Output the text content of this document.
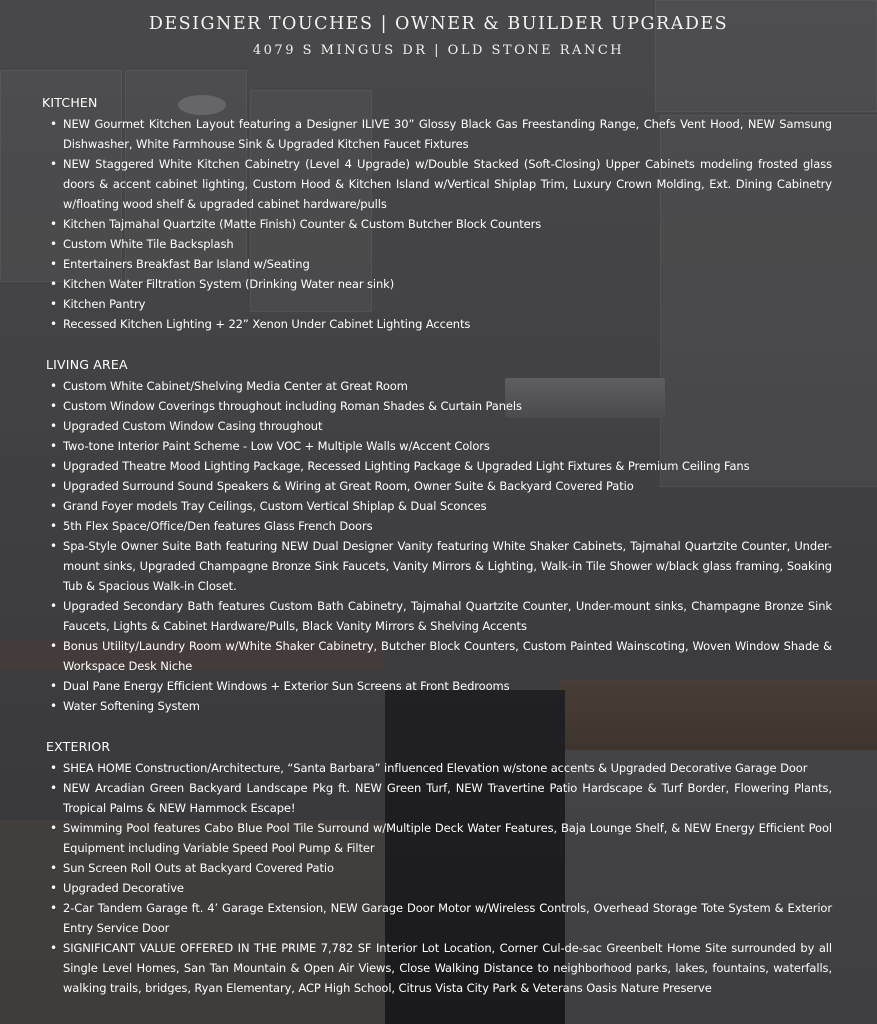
DESIGNER TOUCHES | OWNER & BUILDER UPGRADES
4079 S MINGUS DR | OLD STONE RANCH
KITCHEN
• NEW Gourmet Kitchen Layout featuring a Designer ILIVE 30” Glossy Black Gas Freestanding Range, Chefs Vent Hood, NEW Samsung Dishwasher, White Farmhouse Sink & Upgraded Kitchen Faucet Fixtures
• NEW Staggered White Kitchen Cabinetry (Level 4 Upgrade) w/Double Stacked (Soft-Closing) Upper Cabinets modeling frosted glass doors & accent cabinet lighting, Custom Hood & Kitchen Island w/Vertical Shiplap Trim, Luxury Crown Molding, Ext. Dining Cabinetry w/floating wood shelf & upgraded cabinet hardware/pulls
• Kitchen Tajmahal Quartzite (Matte Finish) Counter & Custom Butcher Block Counters
• Custom White Tile Backsplash
• Entertainers Breakfast Bar Island w/Seating
• Kitchen Water Filtration System (Drinking Water near sink)
• Kitchen Pantry
• Recessed Kitchen Lighting + 22” Xenon Under Cabinet Lighting Accents
LIVING AREA
• Custom White Cabinet/Shelving Media Center at Great Room
• Custom Window Coverings throughout including Roman Shades & Curtain Panels
• Upgraded Custom Window Casing throughout
• Two-tone Interior Paint Scheme - Low VOC + Multiple Walls w/Accent Colors
• Upgraded Theatre Mood Lighting Package, Recessed Lighting Package & Upgraded Light Fixtures & Premium Ceiling Fans
• Upgraded Surround Sound Speakers & Wiring at Great Room, Owner Suite & Backyard Covered Patio
• Grand Foyer models Tray Ceilings, Custom Vertical Shiplap & Dual Sconces
• 5th Flex Space/Office/Den features Glass French Doors
• Spa-Style Owner Suite Bath featuring NEW Dual Designer Vanity featuring White Shaker Cabinets, Tajmahal Quartzite Counter, Under-mount sinks, Upgraded Champagne Bronze Sink Faucets, Vanity Mirrors & Lighting, Walk-in Tile Shower w/black glass framing, Soaking Tub & Spacious Walk-in Closet.
• Upgraded Secondary Bath features Custom Bath Cabinetry, Tajmahal Quartzite Counter, Under-mount sinks, Champagne Bronze Sink Faucets, Lights & Cabinet Hardware/Pulls, Black Vanity Mirrors & Shelving Accents
• Bonus Utility/Laundry Room w/White Shaker Cabinetry, Butcher Block Counters, Custom Painted Wainscoting, Woven Window Shade & Workspace Desk Niche
• Dual Pane Energy Efficient Windows + Exterior Sun Screens at Front Bedrooms
• Water Softening System
EXTERIOR
• SHEA HOME Construction/Architecture, “Santa Barbara” influenced Elevation w/stone accents & Upgraded Decorative Garage Door
• NEW Arcadian Green Backyard Landscape Pkg ft. NEW Green Turf, NEW Travertine Patio Hardscape & Turf Border, Flowering Plants, Tropical Palms & NEW Hammock Escape!
• Swimming Pool features Cabo Blue Pool Tile Surround w/Multiple Deck Water Features, Baja Lounge Shelf, & NEW Energy Efficient Pool Equipment including Variable Speed Pool Pump & Filter
• Sun Screen Roll Outs at Backyard Covered Patio
• Upgraded Decorative
• 2-Car Tandem Garage ft. 4’ Garage Extension, NEW Garage Door Motor w/Wireless Controls, Overhead Storage Tote System & Exterior Entry Service Door
• SIGNIFICANT VALUE OFFERED IN THE PRIME 7,782 SF Interior Lot Location, Corner Cul-de-sac Greenbelt Home Site surrounded by all Single Level Homes, San Tan Mountain & Open Air Views, Close Walking Distance to neighborhood parks, lakes, fountains, waterfalls, walking trails, bridges, Ryan Elementary, ACP High School, Citrus Vista City Park & Veterans Oasis Nature Preserve
